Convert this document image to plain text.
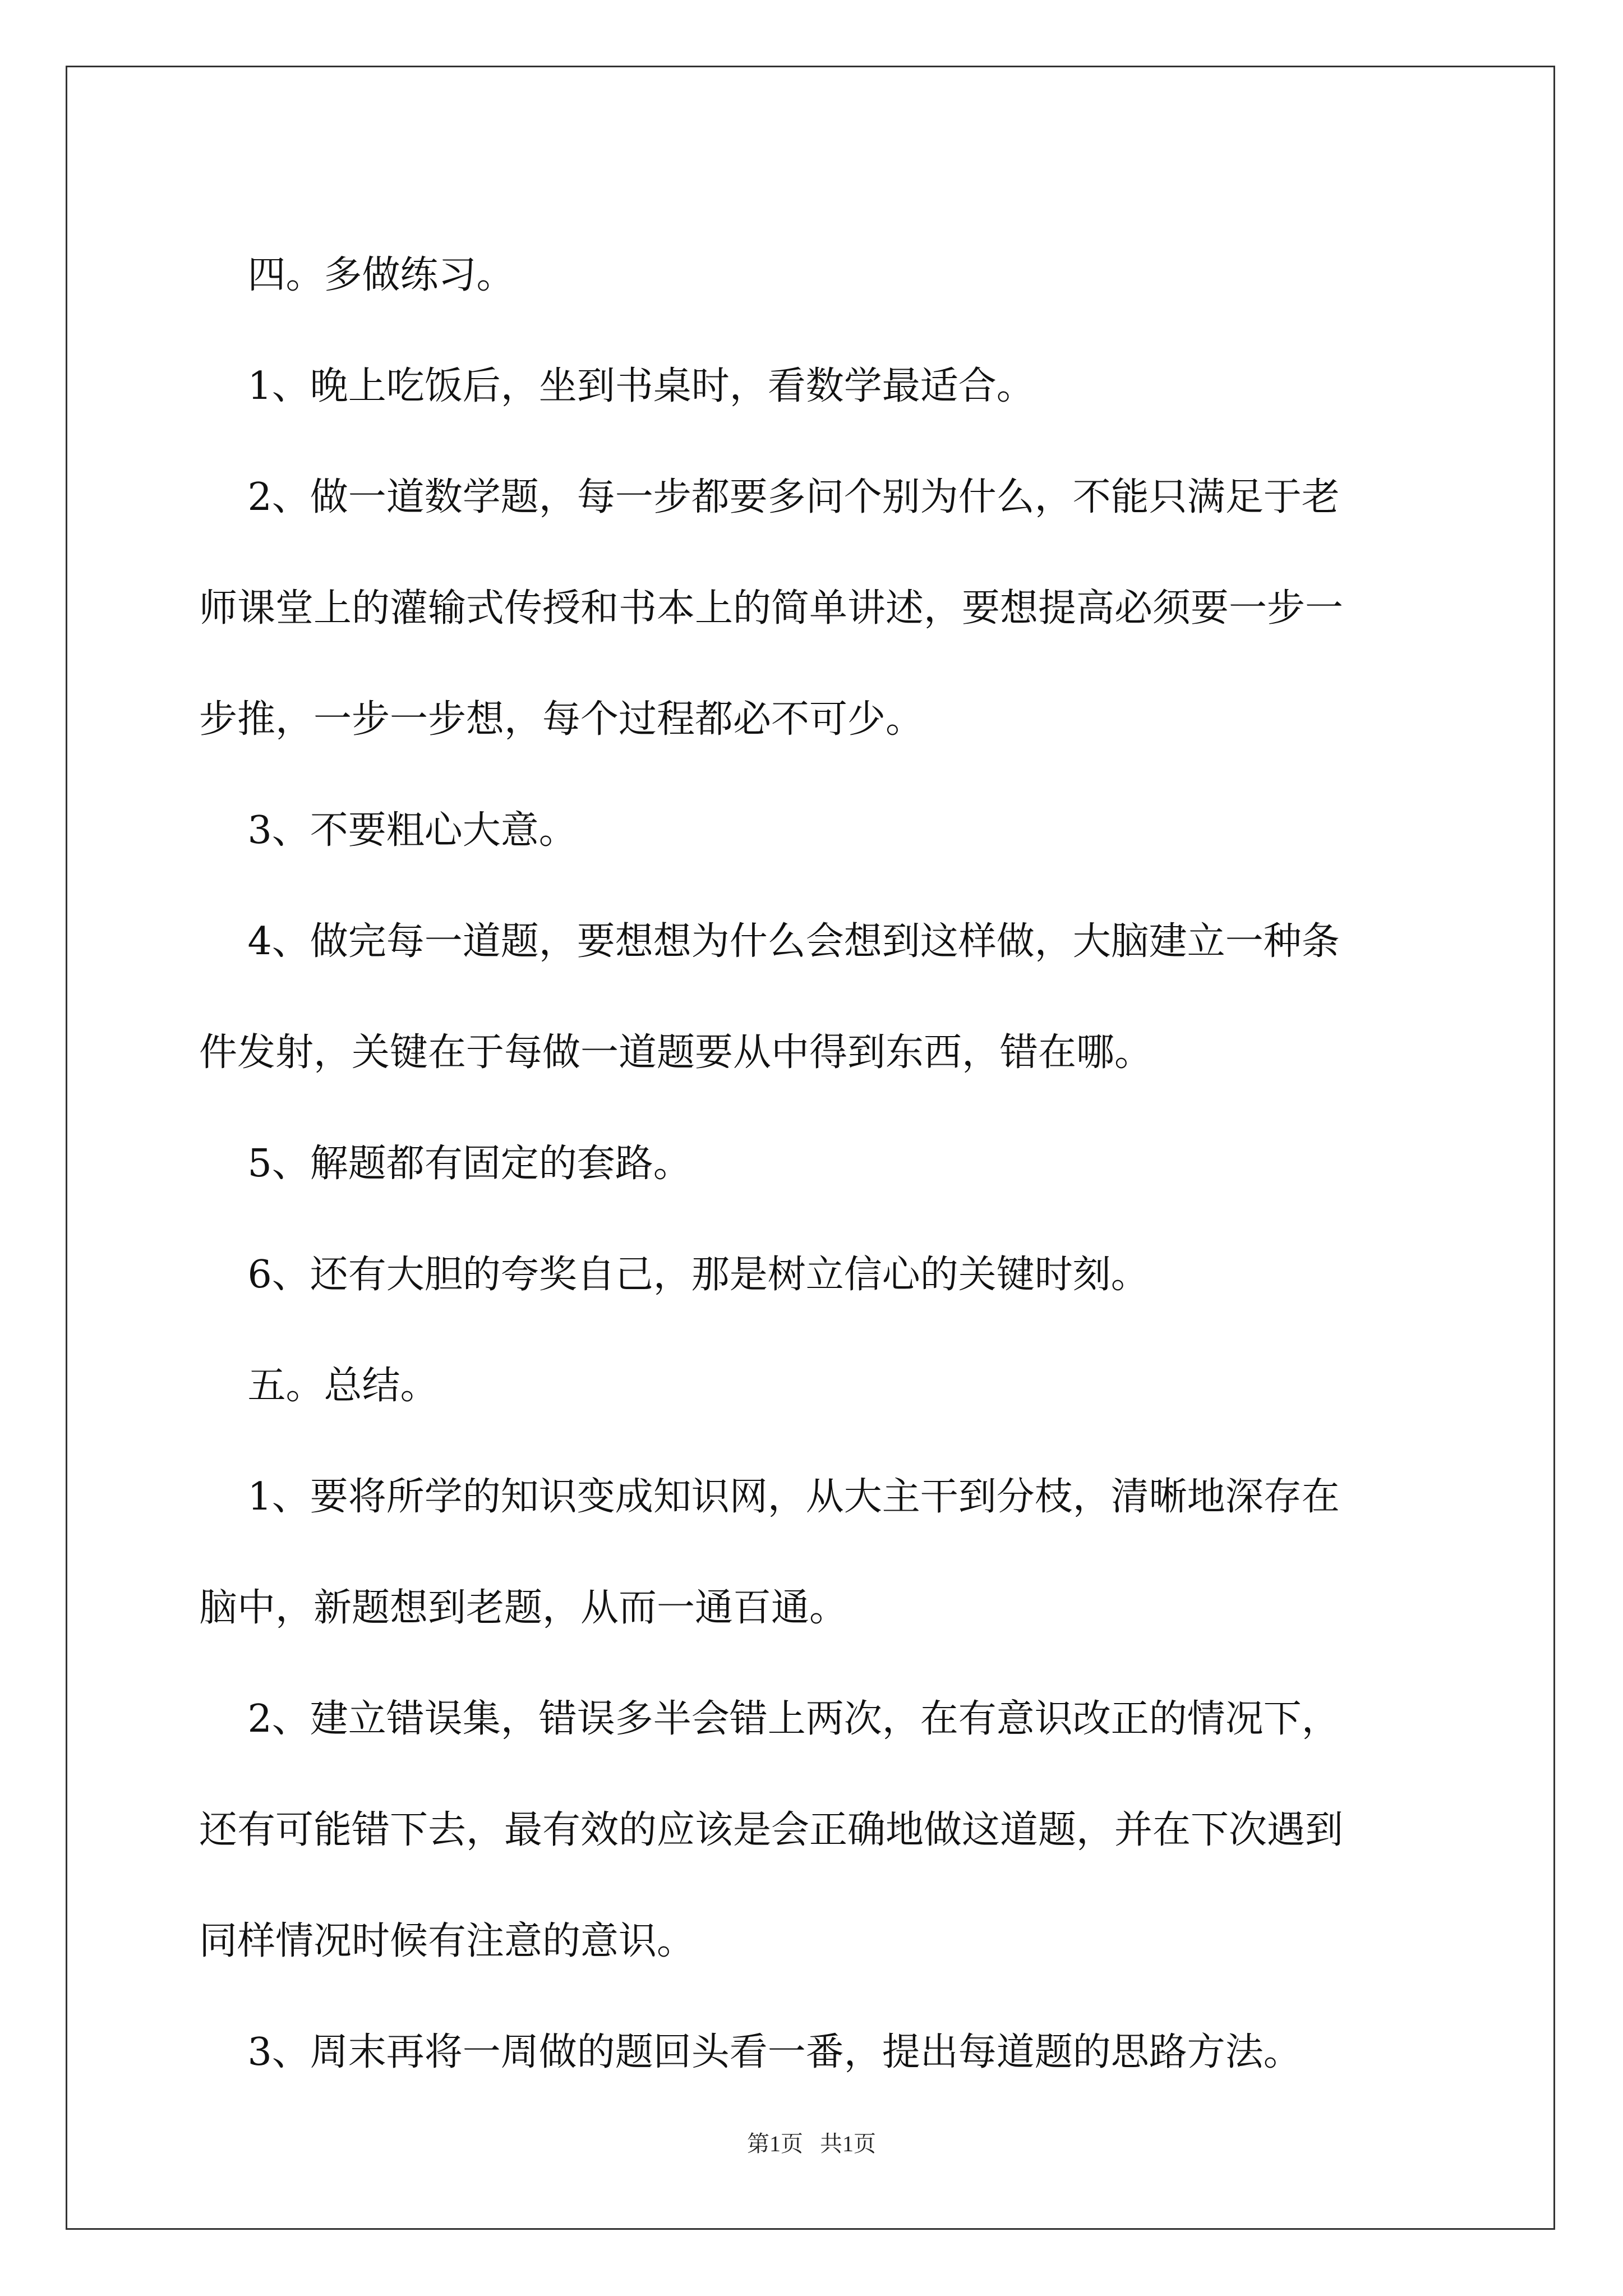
四。多做练习。

1、晚上吃饭后，坐到书桌时，看数学最适合。

2、做一道数学题，每一步都要多问个别为什么，不能只满足于老

师课堂上的灌输式传授和书本上的简单讲述，要想提高必须要一步一

步推，一步一步想，每个过程都必不可少。

3、不要粗心大意。

4、做完每一道题，要想想为什么会想到这样做，大脑建立一种条

件发射，关键在于每做一道题要从中得到东西，错在哪。

5、解题都有固定的套路。

6、还有大胆的夸奖自己，那是树立信心的关键时刻。

五。总结。

1、要将所学的知识变成知识网，从大主干到分枝，清晰地深存在

脑中，新题想到老题，从而一通百通。

2、建立错误集，错误多半会错上两次，在有意识改正的情况下，

还有可能错下去，最有效的应该是会正确地做这道题，并在下次遇到

同样情况时候有注意的意识。

3、周末再将一周做的题回头看一番，提出每道题的思路方法。

第1页   共1页
